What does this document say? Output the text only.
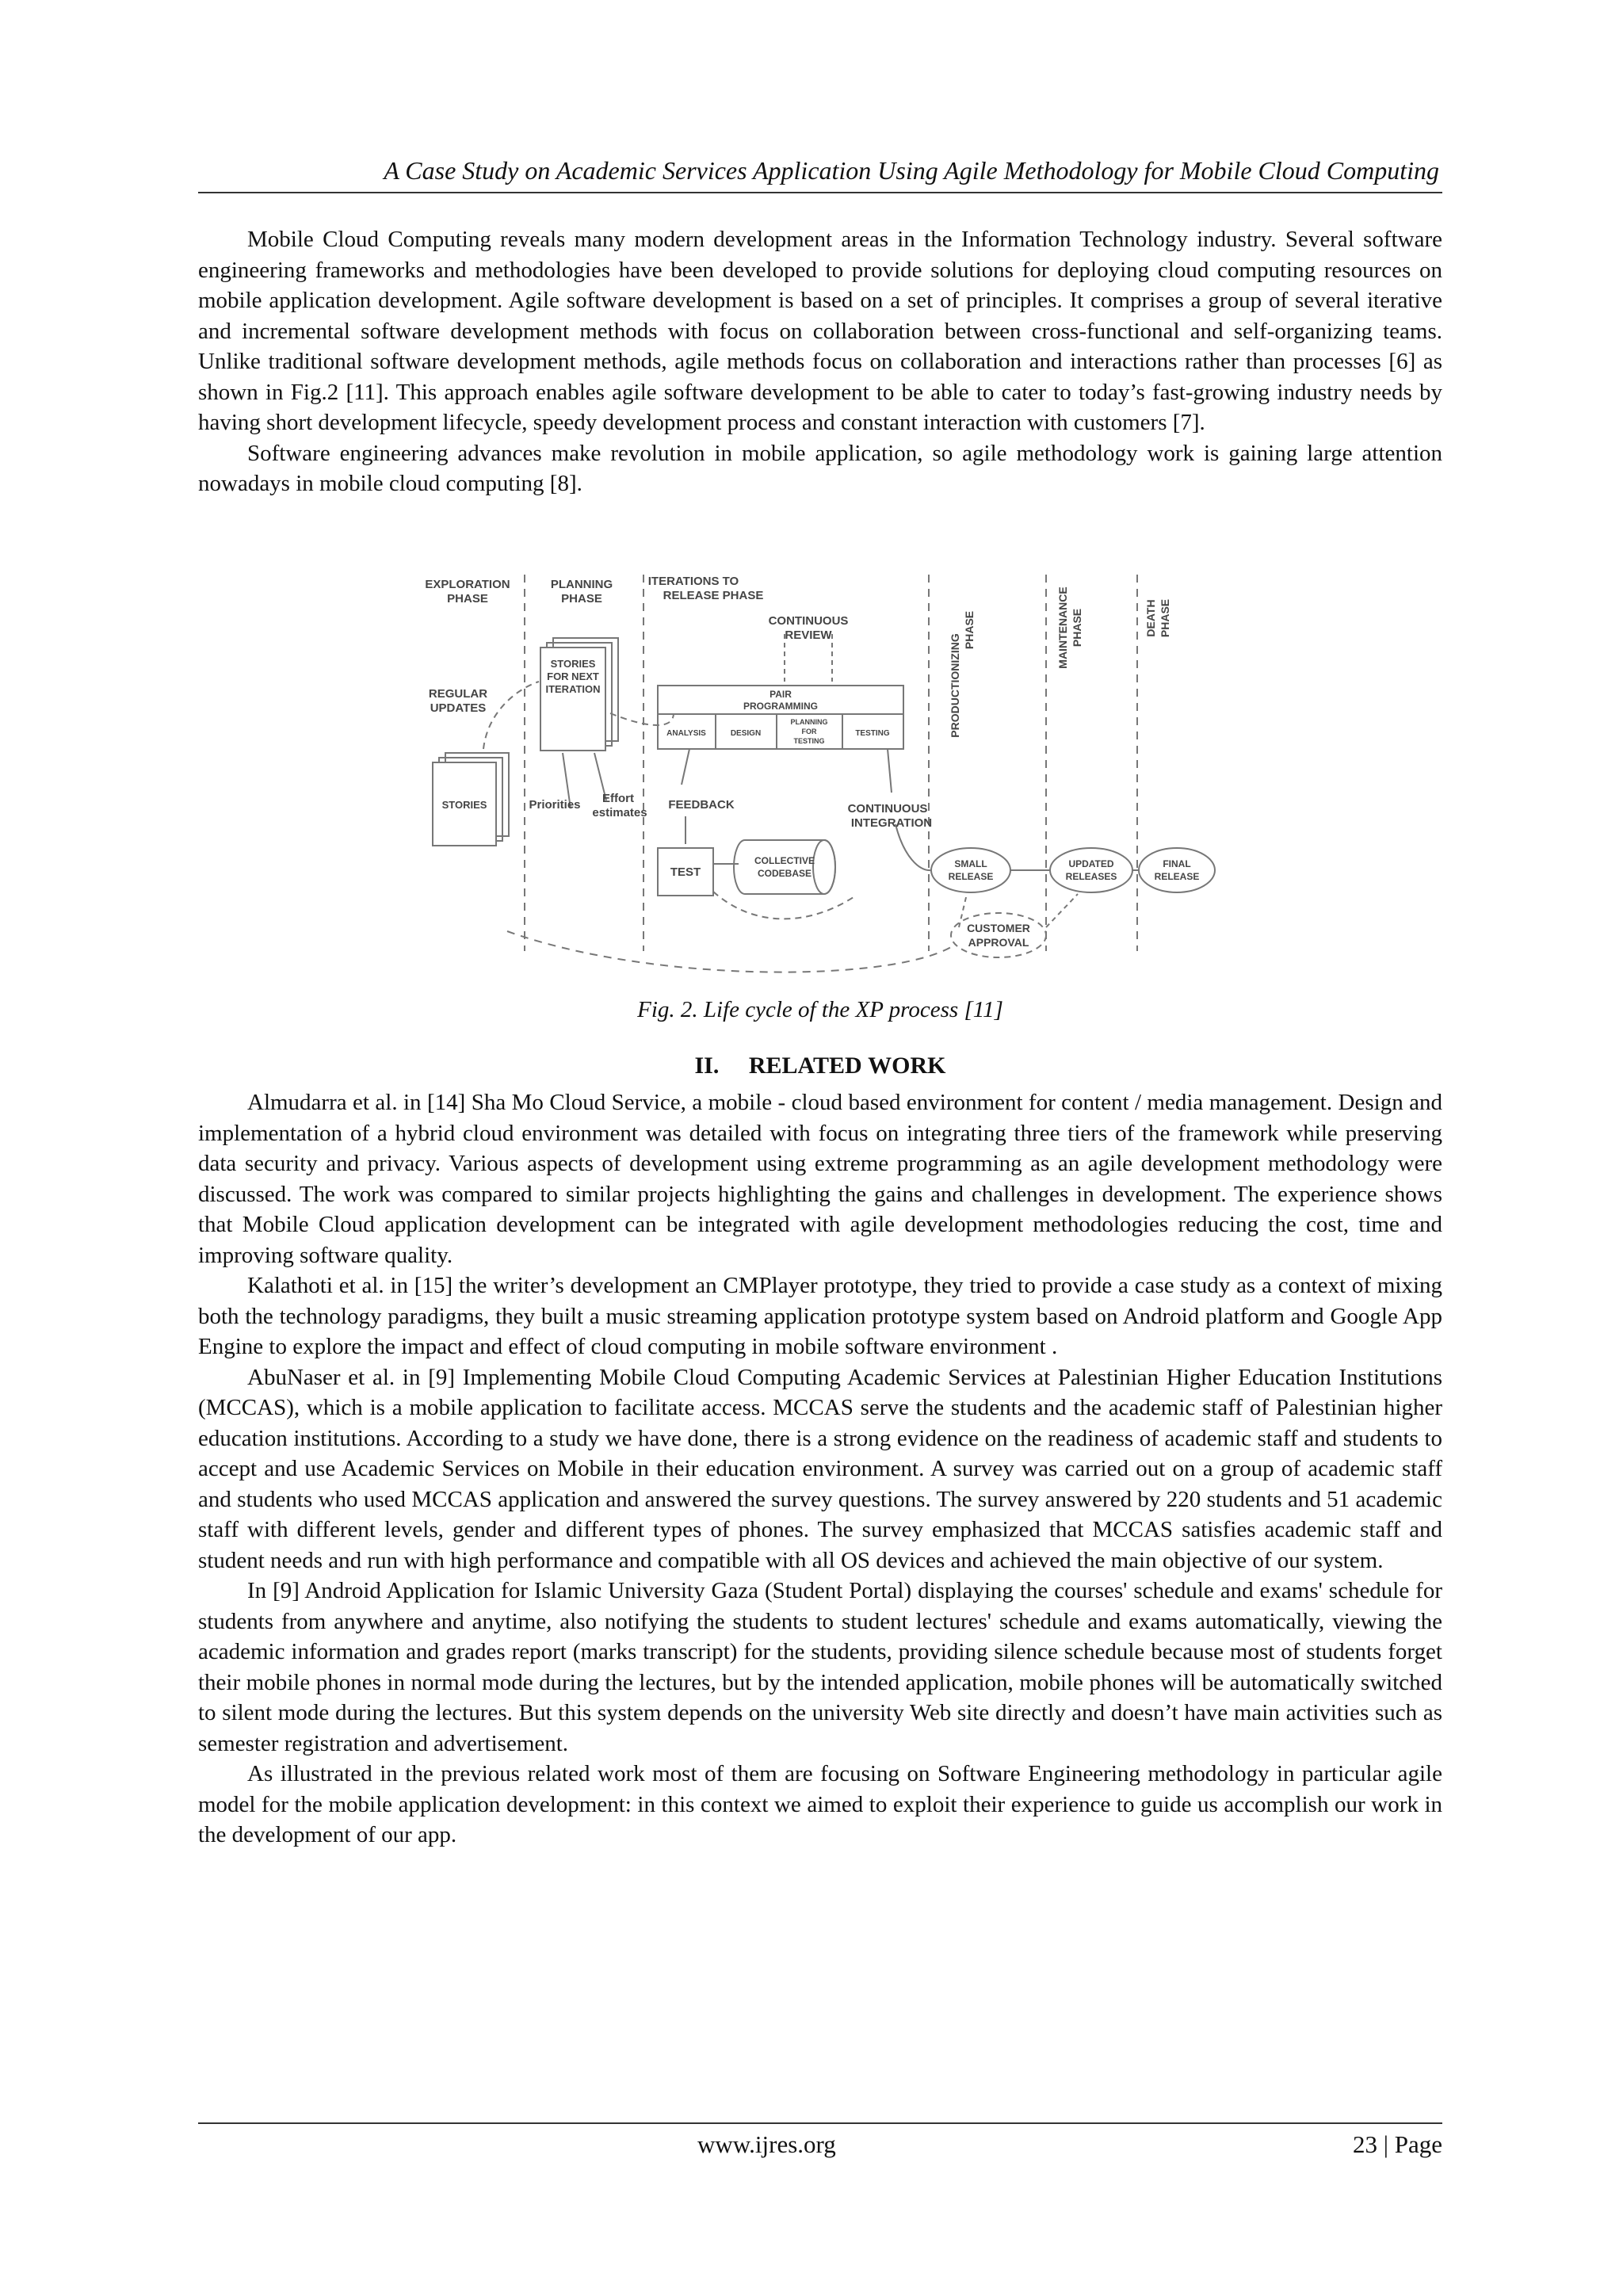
A Case Study on Academic Services Application Using Agile Methodology for Mobile Cloud Computing

Mobile Cloud Computing reveals many modern development areas in the Information Technology industry. Several software engineering frameworks and methodologies have been developed to provide solutions for deploying cloud computing resources on mobile application development. Agile software development is based on a set of principles. It comprises a group of several iterative and incremental software development methods with focus on collaboration between cross-functional and self-organizing teams. Unlike traditional software development methods, agile methods focus on collaboration and interactions rather than processes [6] as shown in Fig.2 [11]. This approach enables agile software development to be able to cater to today’s fast-growing industry needs by having short development lifecycle, speedy development process and constant interaction with customers [7].

Software engineering advances make revolution in mobile application, so agile methodology work is gaining large attention nowadays in mobile cloud computing [8].

EXPLORATION
PHASE
PLANNING
PHASE
ITERATIONS TO
RELEASE PHASE
CONTINUOUS
REVIEW
REGULAR
UPDATES
STORIES
FOR NEXT
ITERATION	PAIR
PROGRAMMING
ANALYSIS	DESIGN
PLANNING
FOR
TESTING
TESTING
STORIES	Priorities Effort
estimates
FEEDBACK	CONTINUOUS
INTEGRATION
TEST
COLLECTIVE
CODEBASE
SMALL
RELEASE
UPDATED
RELEASES
FINAL
RELEASE
CUSTOMER
APPROVAL
PRODUCTIONIZING
PHASE	MAINTENANCE PHASE	DEATH PHASE
Fig. 2. Life cycle of the XP process [11]
II. RELATED WORK

Almudarra et al. in [14] Sha Mo Cloud Service, a mobile - cloud based environment for content / media management. Design and implementation of a hybrid cloud environment was detailed with focus on integrating three tiers of the framework while preserving data security and privacy. Various aspects of development using extreme programming as an agile development methodology were discussed. The work was compared to similar projects highlighting the gains and challenges in development. The experience shows that Mobile Cloud application development can be integrated with agile development methodologies reducing the cost, time and improving software quality.

Kalathoti et al. in [15] the writer’s development an CMPlayer prototype, they tried to provide a case study as a context of mixing both the technology paradigms, they built a music streaming application prototype system based on Android platform and Google App Engine to explore the impact and effect of cloud computing in mobile software environment .

AbuNaser et al. in [9] Implementing Mobile Cloud Computing Academic Services at Palestinian Higher Education Institutions (MCCAS), which is a mobile application to facilitate access. MCCAS serve the students and the academic staff of Palestinian higher education institutions. According to a study we have done, there is a strong evidence on the readiness of academic staff and students to accept and use Academic Services on Mobile in their education environment. A survey was carried out on a group of academic staff and students who used MCCAS application and answered the survey questions. The survey answered by 220 students and 51 academic staff with different levels, gender and different types of phones. The survey emphasized that MCCAS satisfies academic staff and student needs and run with high performance and compatible with all OS devices and achieved the main objective of our system.

In [9] Android Application for Islamic University Gaza (Student Portal) displaying the courses' schedule and exams' schedule for students from anywhere and anytime, also notifying the students to student lectures' schedule and exams automatically, viewing the academic information and grades report (marks transcript) for the students, providing silence schedule because most of students forget their mobile phones in normal mode during the lectures, but by the intended application, mobile phones will be automatically switched to silent mode during the lectures. But this system depends on the university Web site directly and doesn’t have main activities such as semester registration and advertisement.

As illustrated in the previous related work most of them are focusing on Software Engineering methodology in particular agile model for the mobile application development: in this context we aimed to exploit their experience to guide us accomplish our work in the development of our app.

www.ijres.org	23 | Page
